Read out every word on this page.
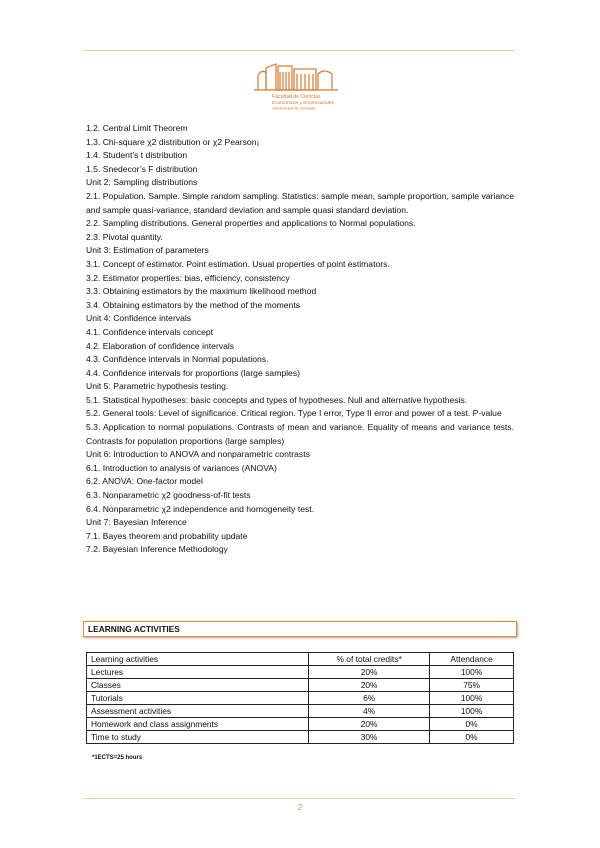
Facultad de Ciencias
Económicas y Empresariales
Universidad de Granada

1.2. Central Limit Theorem

1.3. Chi-square χ2 distribution or χ2 Pearson¡

1.4. Student’s t distribution

1.5. Snedecor’s F distribution

Unit 2: Sampling distributions

2.1. Population. Sample. Simple random sampling. Statistics: sample mean, sample proportion, sample variance and sample quasi-variance, standard deviation and sample quasi standard deviation.

2.2. Sampling distributions. General properties and applications to Normal populations.

2.3. Pivotal quantity.

Unit 3: Estimation of parameters

3.1. Concept of estimator. Point estimation. Usual properties of point estimators.

3.2. Estimator properties: bias, efficiency, consistency

3.3. Obtaining estimators by the maximum likelihood method

3.4. Obtaining estimators by the method of the moments

Unit 4: Confidence intervals

4.1. Confidence intervals concept

4.2. Elaboration of confidence intervals

4.3. Confidence intervals in Normal populations.

4.4. Confidence intervals for proportions (large samples)

Unit 5: Parametric hypothesis testing.

5.1. Statistical hypotheses: basic concepts and types of hypotheses. Null and alternative hypothesis.

5.2. General tools: Level of significance. Critical region. Type I error, Type II error and power of a test. P-value

5.3. Application to normal populations. Contrasts of mean and variance. Equality of means and variance tests. Contrasts for population proportions (large samples)

Unit 6: Introduction to ANOVA and nonparametric contrasts

6.1. Introduction to analysis of variances (ANOVA)

6.2. ANOVA: One-factor model

6.3. Nonparametric χ2 goodness-of-fit tests

6.4. Nonparametric χ2 independence and homogeneity test.

Unit 7: Bayesian Inference

7.1. Bayes theorem and probability update

7.2. Bayesian Inference Methodology

LEARNING ACTIVITIES
Learning activities	% of total credits*	Attendance
Lectures	20%	100%
Classes	20%	75%
Tutorials	6%	100%
Assessment activities	4%	100%
Homework and class assignments	20%	0%
Time to study	30%	0%
*1ECTS=25 hours
2
